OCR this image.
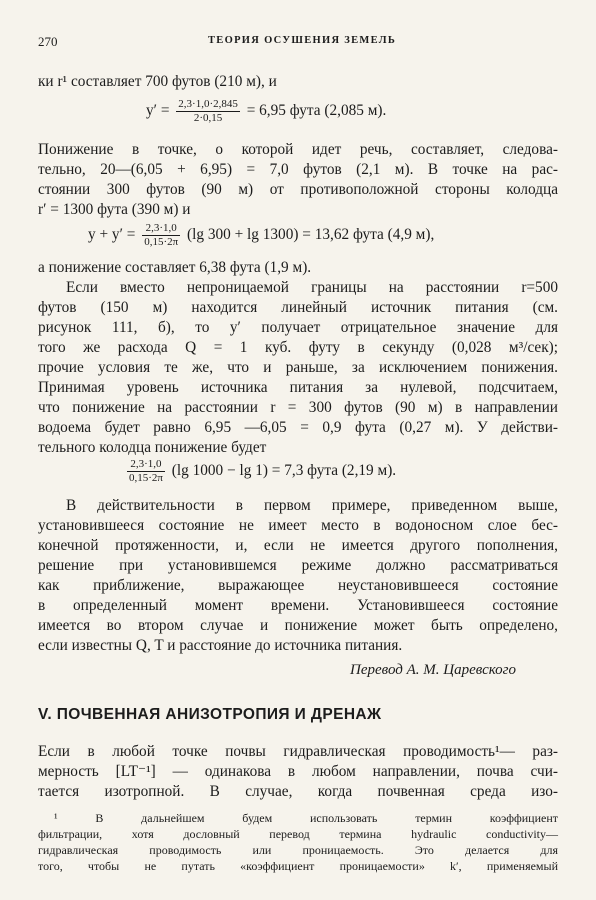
270	ТЕОРИЯ ОСУШЕНИЯ ЗЕМЕЛЬ
ки r¹ составляет 700 футов (210 м), и
$y' = \frac{2,3\cdot 1,0\cdot 2,845}{2\cdot 0,15} = 6,95$ фута (2,085 м).
Понижение в точке, о которой идет речь, составляет, следова-
тельно, 20—(6,05 + 6,95) = 7,0 футов (2,1 м). В точке на рас-
стоянии 300 футов (90 м) от противоположной стороны колодца
r′ = 1300 фута (390 м) и
$y + y' = \frac{2,3\cdot 1,0}{0,15\cdot 2\pi} (\lg$ 300 + lg 1300) = 13,62 фута (4,9 м),
а понижение составляет 6,38 фута (1,9 м).
Если вместо непроницаемой границы на расстоянии r=500
футов (150 м) находится линейный источник питания (см.
рисунок 111, б), то y′ получает отрицательное значение для
того же расхода Q = 1 куб. футу в секунду (0,028 м³/сек);
прочие условия те же, что и раньше, за исключением понижения.
Принимая уровень источника питания за нулевой, подсчитаем,
что понижение на расстоянии r = 300 футов (90 м) в направлении
водоема будет равно 6,95 —6,05 = 0,9 фута (0,27 м). У действи-
тельного колодца понижение будет
$\frac{2,3\cdot 1,0}{0,15\cdot 2\pi} (\lg$ 1000 − lg 1) = 7,3 фута (2,19 м).
В действительности в первом примере, приведенном выше,
установившееся состояние не имеет место в водоносном слое бес-
конечной протяженности, и, если не имеется другого пополнения,
решение при установившемся режиме должно рассматриваться
как приближение, выражающее неустановившееся состояние
в определенный момент времени. Установившееся состояние
имеется во втором случае и понижение может быть определено,
если известны Q, T и расстояние до источника питания.
Перевод А. М. Царевского
V. ПОЧВЕННАЯ АНИЗОТРОПИЯ И ДРЕНАЖ
Если в любой точке почвы гидравлическая проводимость¹— раз-
мерность [LT⁻¹] — одинакова в любом направлении, почва счи-
тается изотропной. В случае, когда почвенная среда изо-
¹ В дальнейшем будем использовать термин коэффициент
фильтрации, хотя дословный перевод термина hydraulic conductivity—
гидравлическая проводимость или проницаемость. Это делается для
того, чтобы не путать «коэффициент проницаемости» k′, применяемый
